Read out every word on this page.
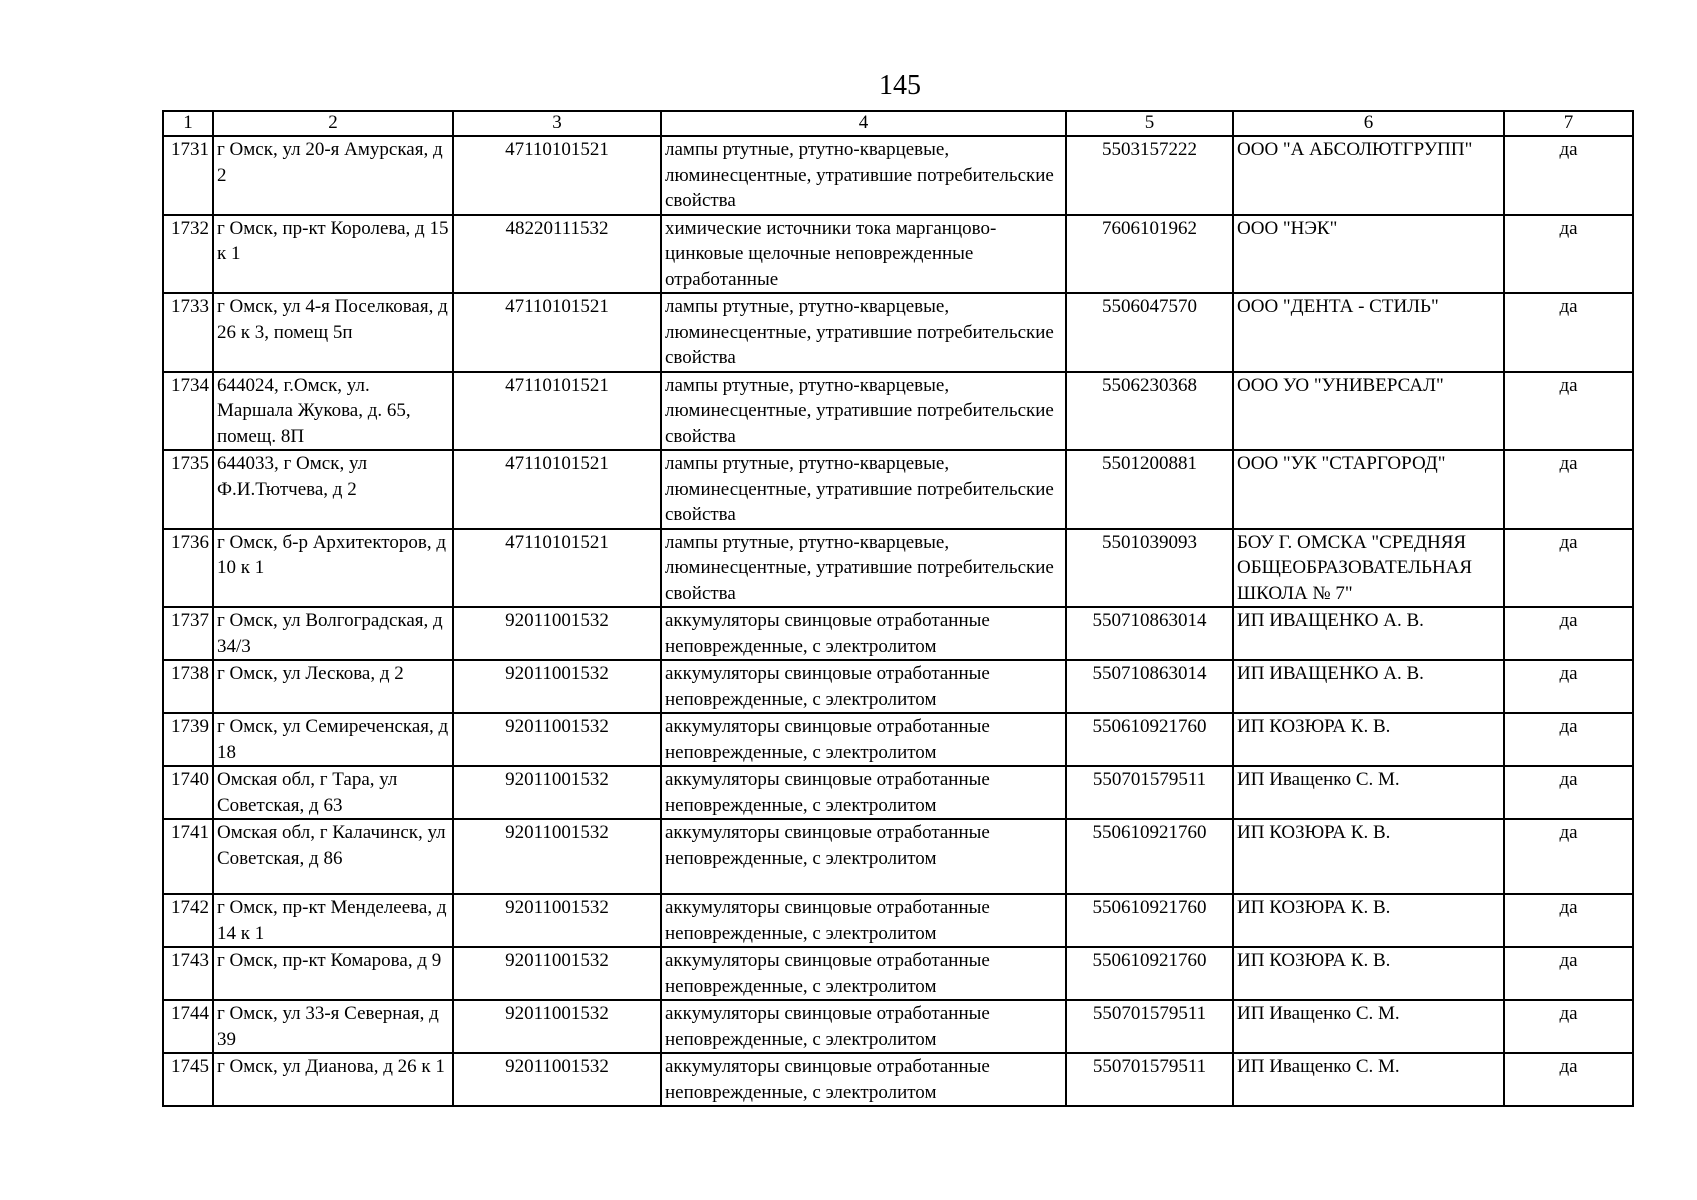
145
1	2	3	4	5	6	7
1731	г Омск, ул 20-я Амурская, д 2	47110101521	лампы ртутные, ртутно-кварцевые, люминесцентные, утратившие потребительские свойства	5503157222	ООО "А АБСОЛЮТГРУПП"	да
1732	г Омск, пр-кт Королева, д 15 к 1	48220111532	химические источники тока марганцово-цинковые щелочные неповрежденные отработанные	7606101962	ООО "НЭК"	да
1733	г Омск, ул 4-я Поселковая, д 26 к 3, помещ 5п	47110101521	лампы ртутные, ртутно-кварцевые, люминесцентные, утратившие потребительские свойства	5506047570	ООО "ДЕНТА - СТИЛЬ"	да
1734	644024, г.Омск, ул. Маршала Жукова, д. 65, помещ. 8П	47110101521	лампы ртутные, ртутно-кварцевые, люминесцентные, утратившие потребительские свойства	5506230368	ООО УО "УНИВЕРСАЛ"	да
1735	644033, г Омск, ул Ф.И.Тютчева, д 2	47110101521	лампы ртутные, ртутно-кварцевые, люминесцентные, утратившие потребительские свойства	5501200881	ООО "УК "СТАРГОРОД"	да
1736	г Омск, б-р Архитекторов, д 10 к 1	47110101521	лампы ртутные, ртутно-кварцевые, люминесцентные, утратившие потребительские свойства	5501039093	БОУ Г. ОМСКА "СРЕДНЯЯ ОБЩЕОБРАЗОВАТЕЛЬНАЯ ШКОЛА № 7"	да
1737	г Омск, ул Волгоградская, д 34/3	92011001532	аккумуляторы свинцовые отработанные неповрежденные, с электролитом	550710863014	ИП ИВАЩЕНКО А. В.	да
1738	г Омск, ул Лескова, д 2	92011001532	аккумуляторы свинцовые отработанные неповрежденные, с электролитом	550710863014	ИП ИВАЩЕНКО А. В.	да
1739	г Омск, ул Семиреченская, д 18	92011001532	аккумуляторы свинцовые отработанные неповрежденные, с электролитом	550610921760	ИП КОЗЮРА К. В.	да
1740	Омская обл, г Тара, ул Советская, д 63	92011001532	аккумуляторы свинцовые отработанные неповрежденные, с электролитом	550701579511	ИП Иващенко С. М.	да
1741	Омская обл, г Калачинск, ул Советская, д 86	92011001532	аккумуляторы свинцовые отработанные неповрежденные, с электролитом	550610921760	ИП КОЗЮРА К. В.	да
1742	г Омск, пр-кт Менделеева, д 14 к 1	92011001532	аккумуляторы свинцовые отработанные неповрежденные, с электролитом	550610921760	ИП КОЗЮРА К. В.	да
1743	г Омск, пр-кт Комарова, д 9	92011001532	аккумуляторы свинцовые отработанные неповрежденные, с электролитом	550610921760	ИП КОЗЮРА К. В.	да
1744	г Омск, ул 33-я Северная, д 39	92011001532	аккумуляторы свинцовые отработанные неповрежденные, с электролитом	550701579511	ИП Иващенко С. М.	да
1745	г Омск, ул Дианова, д 26 к 1	92011001532	аккумуляторы свинцовые отработанные неповрежденные, с электролитом	550701579511	ИП Иващенко С. М.	да
